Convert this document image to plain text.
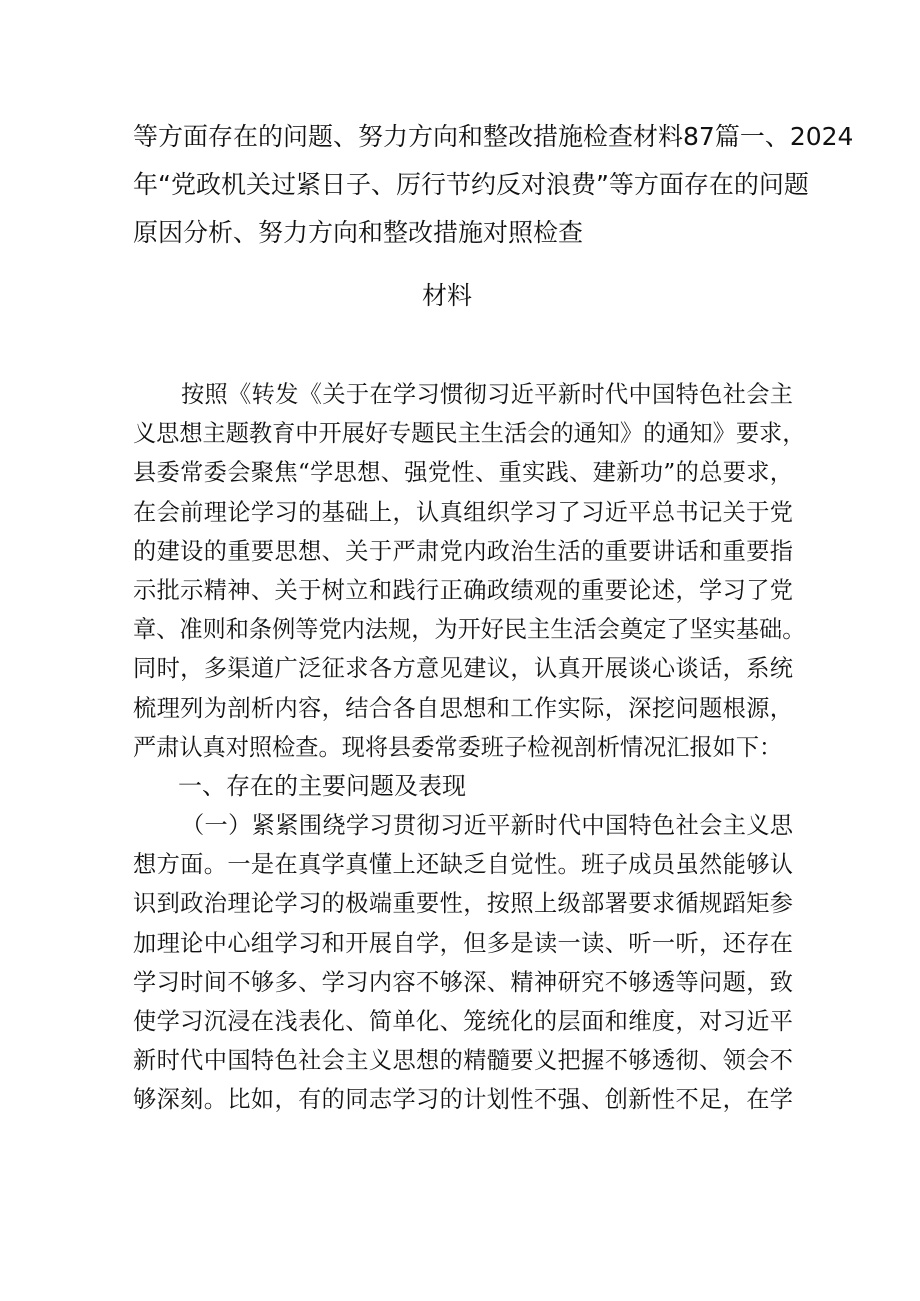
等方面存在的问题、努力方向和整改措施检查材料87篇一、2024
年“党政机关过紧日子、厉行节约反对浪费”等方面存在的问题
原因分析、努力方向和整改措施对照检查
材料
按照《转发《关于在学习惯彻习近平新时代中国特色社会主
义思想主题教育中开展好专题民主生活会的通知》的通知》要求，
县委常委会聚焦“学思想、强党性、重实践、建新功”的总要求，
在会前理论学习的基础上，认真组织学习了习近平总书记关于党
的建设的重要思想、关于严肃党内政治生活的重要讲话和重要指
示批示精神、关于树立和践行正确政绩观的重要论述，学习了党
章、准则和条例等党内法规，为开好民主生活会奠定了坚实基础。
同时，多渠道广泛征求各方意见建议，认真开展谈心谈话，系统
梳理列为剖析内容，结合各自思想和工作实际，深挖问题根源，
严肃认真对照检查。现将县委常委班子检视剖析情况汇报如下：
一、存在的主要问题及表现
（一）紧紧围绕学习贯彻习近平新时代中国特色社会主义思
想方面。一是在真学真懂上还缺乏自觉性。班子成员虽然能够认
识到政治理论学习的极端重要性，按照上级部署要求循规蹈矩参
加理论中心组学习和开展自学，但多是读一读、听一听，还存在
学习时间不够多、学习内容不够深、精神研究不够透等问题，致
使学习沉浸在浅表化、简单化、笼统化的层面和维度，对习近平
新时代中国特色社会主义思想的精髓要义把握不够透彻、领会不
够深刻。比如，有的同志学习的计划性不强、创新性不足，在学
